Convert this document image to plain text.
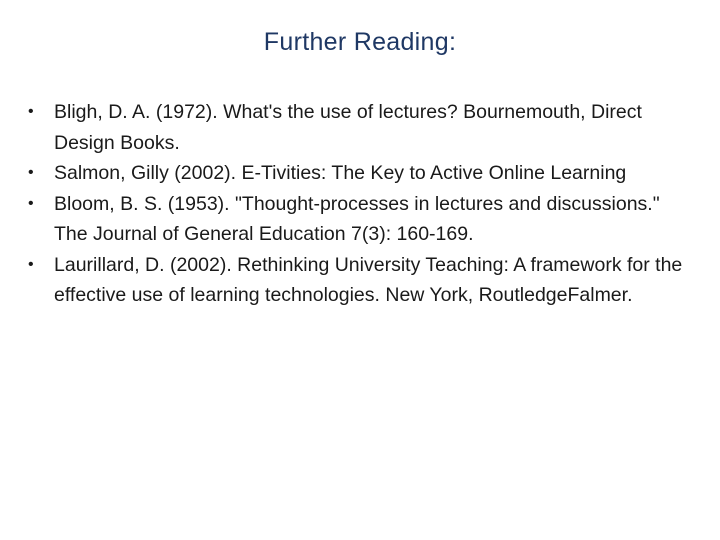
Further Reading:
•	Bligh, D. A. (1972). What's the use of lectures? Bournemouth, Direct Design Books.
•	Salmon, Gilly (2002). E-Tivities: The Key to Active Online Learning
•	Bloom, B. S. (1953). "Thought-processes in lectures and discussions." The Journal of General Education 7(3): 160-169.
•	Laurillard, D. (2002). Rethinking University Teaching: A framework for the effective use of learning technologies. New York, RoutledgeFalmer.
